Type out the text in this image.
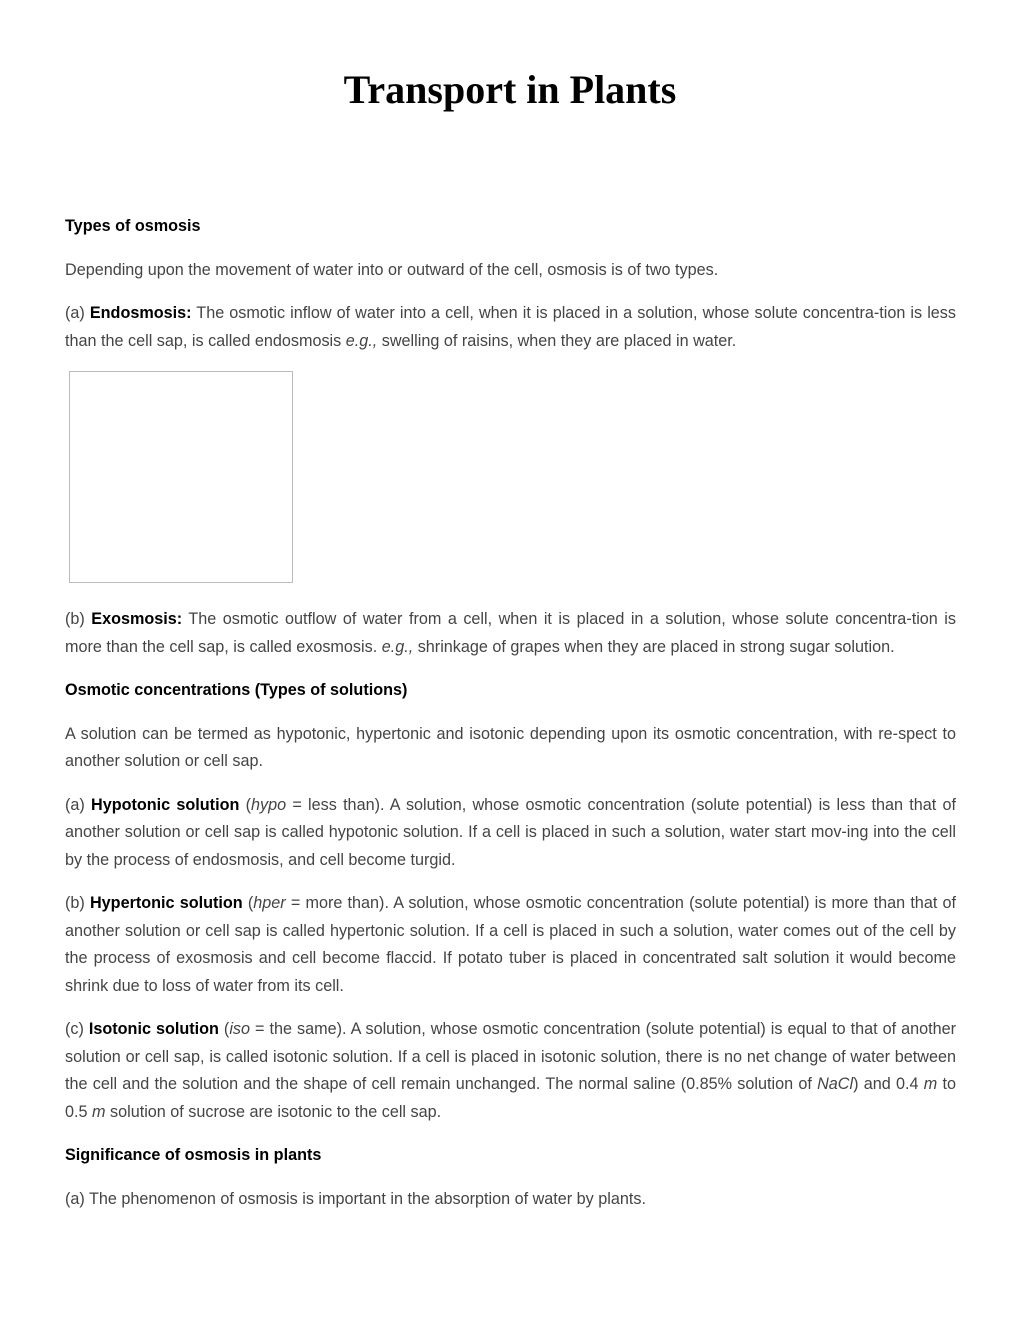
Transport in Plants
Types of osmosis

Depending upon the movement of water into or outward of the cell, osmosis is of two types.

(a) Endosmosis: The osmotic inflow of water into a cell, when it is placed in a solution, whose solute concentra-tion is less than the cell sap, is called endosmosis e.g., swelling of raisins, when they are placed in water.

(b) Exosmosis: The osmotic outflow of water from a cell, when it is placed in a solution, whose solute concentra-tion is more than the cell sap, is called exosmosis. e.g., shrinkage of grapes when they are placed in strong sugar solution.

Osmotic concentrations (Types of solutions)

A solution can be termed as hypotonic, hypertonic and isotonic depending upon its osmotic concentration, with re-spect to another solution or cell sap.

(a) Hypotonic solution (hypo = less than). A solution, whose osmotic concentration (solute potential) is less than that of another solution or cell sap is called hypotonic solution. If a cell is placed in such a solution, water start mov-ing into the cell by the process of endosmosis, and cell become turgid.

(b) Hypertonic solution (hper = more than). A solution, whose osmotic concentration (solute potential) is more than that of another solution or cell sap is called hypertonic solution. If a cell is placed in such a solution, water comes out of the cell by the process of exosmosis and cell become flaccid. If potato tuber is placed in concentrated salt solution it would become shrink due to loss of water from its cell.

(c) Isotonic solution (iso = the same). A solution, whose osmotic concentration (solute potential) is equal to that of another solution or cell sap, is called isotonic solution. If a cell is placed in isotonic solution, there is no net change of water between the cell and the solution and the shape of cell remain unchanged. The normal saline (0.85% solution of NaCl) and 0.4 m to 0.5 m solution of sucrose are isotonic to the cell sap.

Significance of osmosis in plants

(a) The phenomenon of osmosis is important in the absorption of water by plants.
